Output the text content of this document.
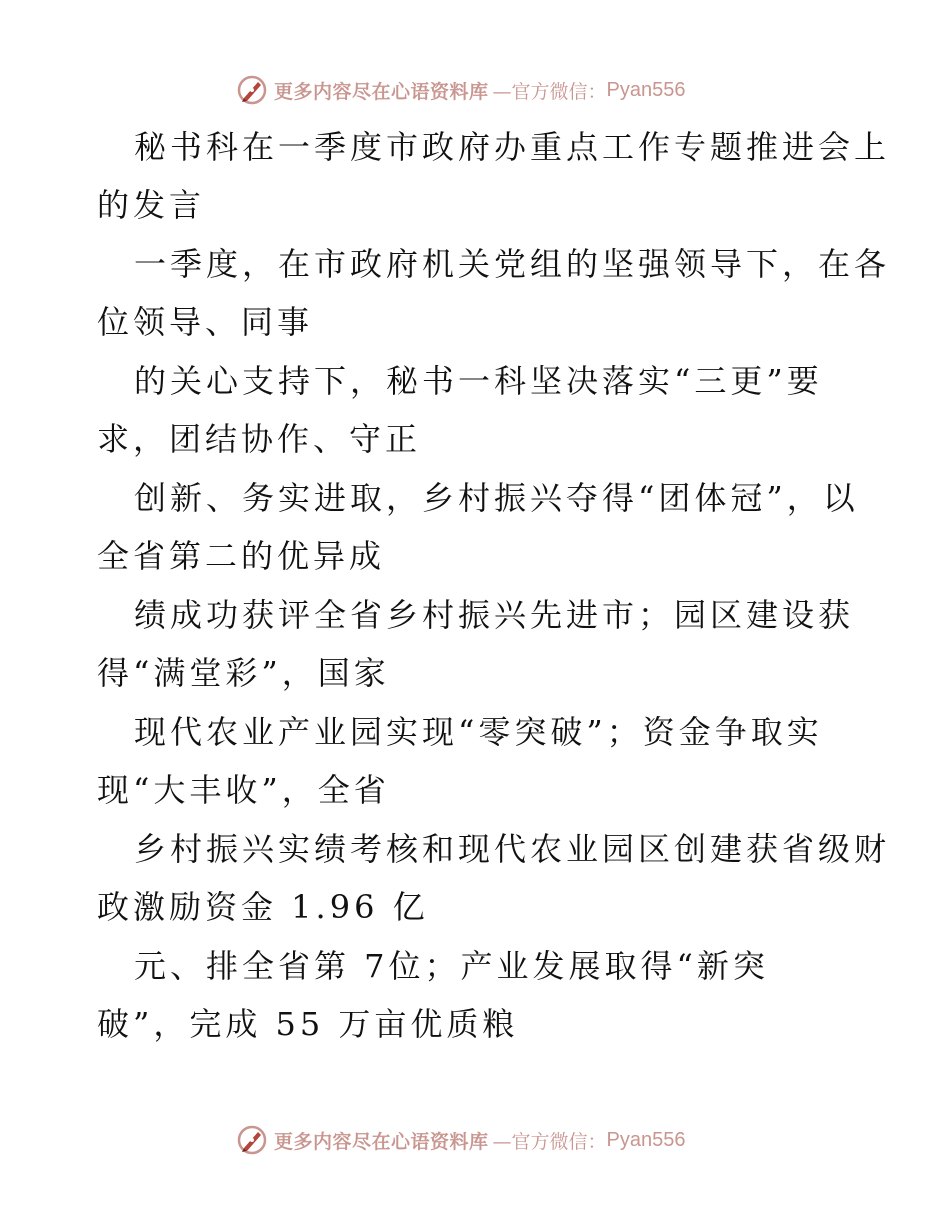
更多内容尽在心语资料库 —官方微信： Pyan556
秘书科在一季度市政府办重点工作专题推进会上
的发言
一季度，在市政府机关党组的坚强领导下，在各
位领导、同事
的关心支持下，秘书一科坚决落实“三更”要
求，团结协作、守正
创新、务实进取，乡村振兴夺得“团体冠”，以
全省第二的优异成
绩成功获评全省乡村振兴先进市；园区建设获
得“满堂彩”，国家
现代农业产业园实现“零突破”；资金争取实
现“大丰收”，全省
乡村振兴实绩考核和现代农业园区创建获省级财
政激励资金 1.96 亿
元、排全省第 7位；产业发展取得“新突
破”，完成 55 万亩优质粮
更多内容尽在心语资料库 —官方微信： Pyan556
